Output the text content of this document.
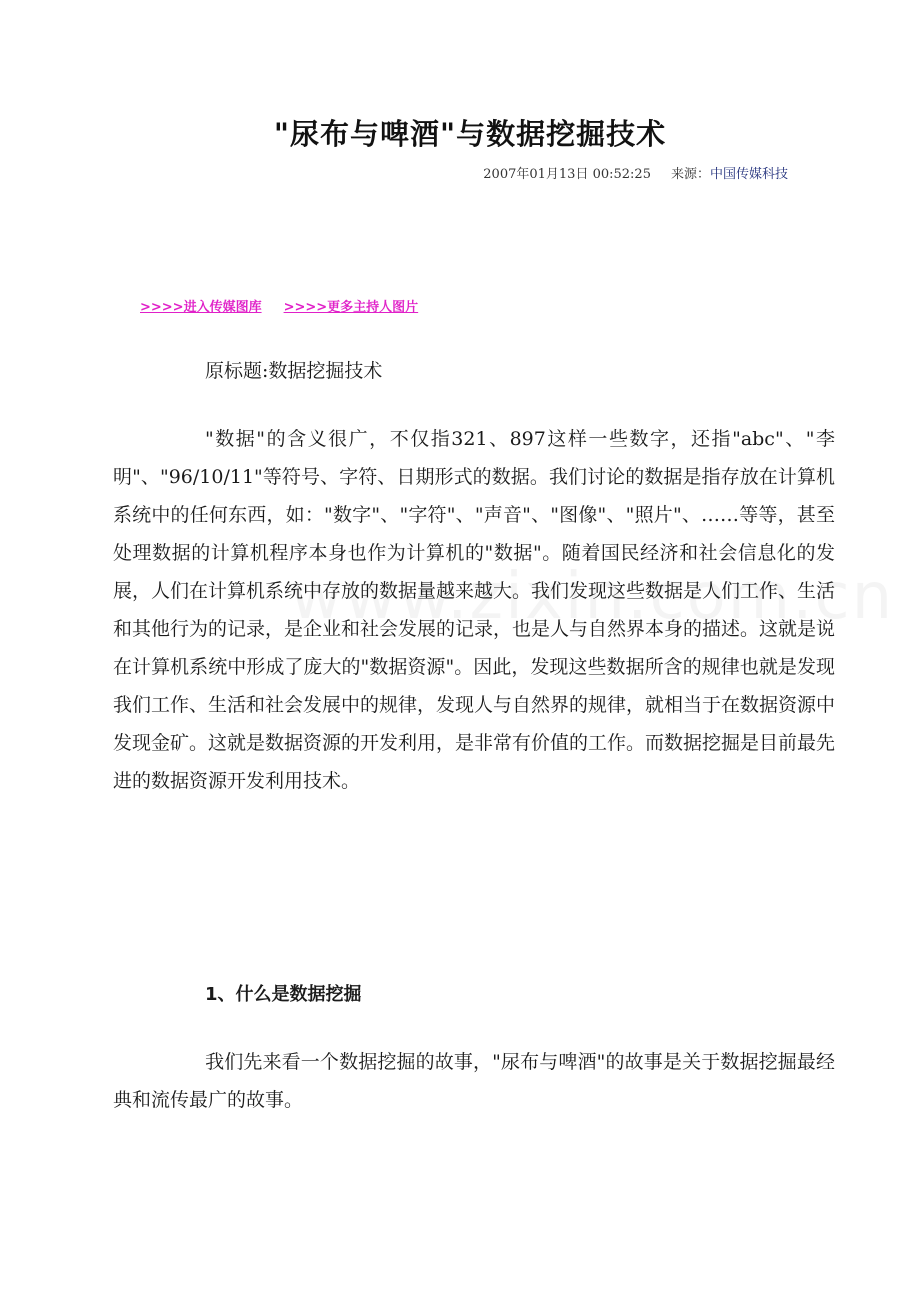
"尿布与啤酒"与数据挖掘技术
2007年01月13日 00:52:25 来源：中国传媒科技
>>>>进入传媒图库 >>>>更多主持人图片
原标题:数据挖掘技术
"数据"的含义很广，不仅指321、897这样一些数字，还指"abc"、"李明"、"96/10/11"等符号、字符、日期形式的数据。我们讨论的数据是指存放在计算机系统中的任何东西，如："数字"、"字符"、"声音"、"图像"、"照片"、……等等，甚至处理数据的计算机程序本身也作为计算机的"数据"。随着国民经济和社会信息化的发展，人们在计算机系统中存放的数据量越来越大。我们发现这些数据是人们工作、生活和其他行为的记录，是企业和社会发展的记录，也是人与自然界本身的描述。这就是说在计算机系统中形成了庞大的"数据资源"。因此，发现这些数据所含的规律也就是发现我们工作、生活和社会发展中的规律，发现人与自然界的规律，就相当于在数据资源中发现金矿。这就是数据资源的开发利用，是非常有价值的工作。而数据挖掘是目前最先进的数据资源开发利用技术。
1、什么是数据挖掘
我们先来看一个数据挖掘的故事，"尿布与啤酒"的故事是关于数据挖掘最经典和流传最广的故事。
